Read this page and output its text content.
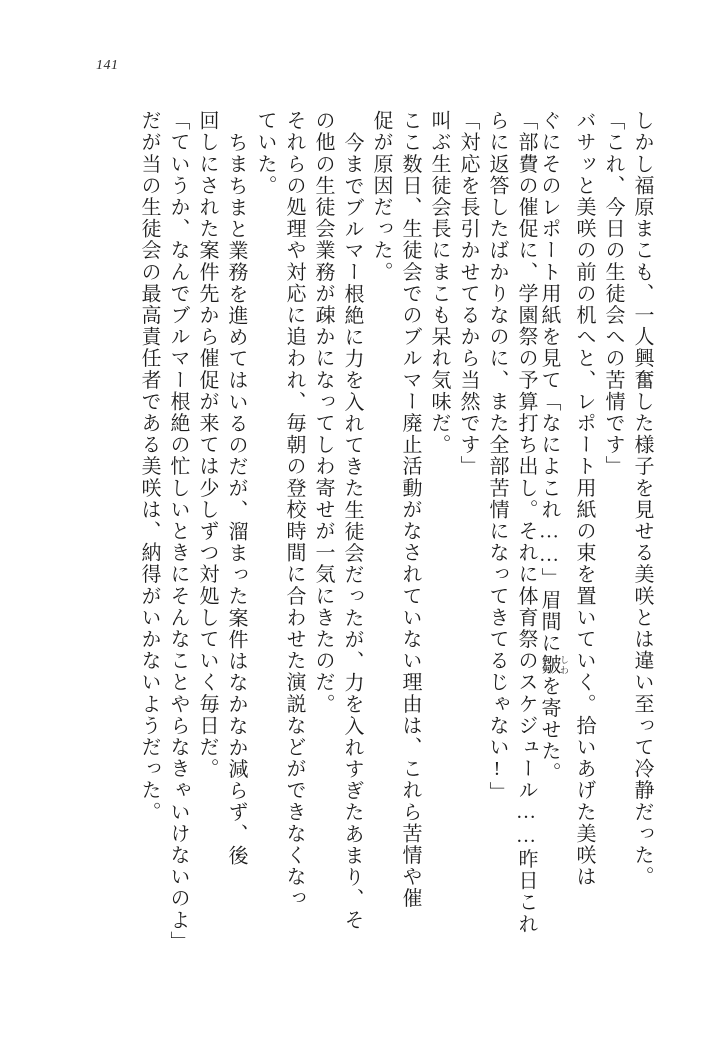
141
しかし福原まこも、一人興奮した様子を見せる美咲とは違い至って冷静だった。
「これ、今日の生徒会への苦情です」
バサッと美咲の前の机へと、レポート用紙の束を置いていく。拾いあげた美咲は
ぐにそのレポート用紙を見て「なによこれ……」眉間に皺 しわを寄せた。
「部費の催促に、学園祭の予算打ち出し。それに体育祭のスケジュール……昨日これ
らに返答したばかりなのに、また全部苦情になってきてるじゃない!」
「対応を長引かせてるから当然です」
叫ぶ生徒会長にまこも呆れ気味だ。
ここ数日、生徒会でのブルマー廃止活動がなされていない理由は、これら苦情や催
促が原因だった。
今までブルマー根絶に力を入れてきた生徒会だったが、力を入れすぎたあまり、そ
の他の生徒会業務が疎かになってしわ寄せが一気にきたのだ。
それらの処理や対応に追われ、毎朝の登校時間に合わせた演説などができなくなっ
ていた。
ちまちまと業務を進めてはいるのだが、溜まった案件はなかなか減らず、後
回しにされた案件先から催促が来ては少しずつ対処していく毎日だ。
「ていうか、なんでブルマー根絶の忙しいときにそんなことやらなきゃいけないのよ」
だが当の生徒会の最高責任者である美咲は、納得がいかないようだった。
